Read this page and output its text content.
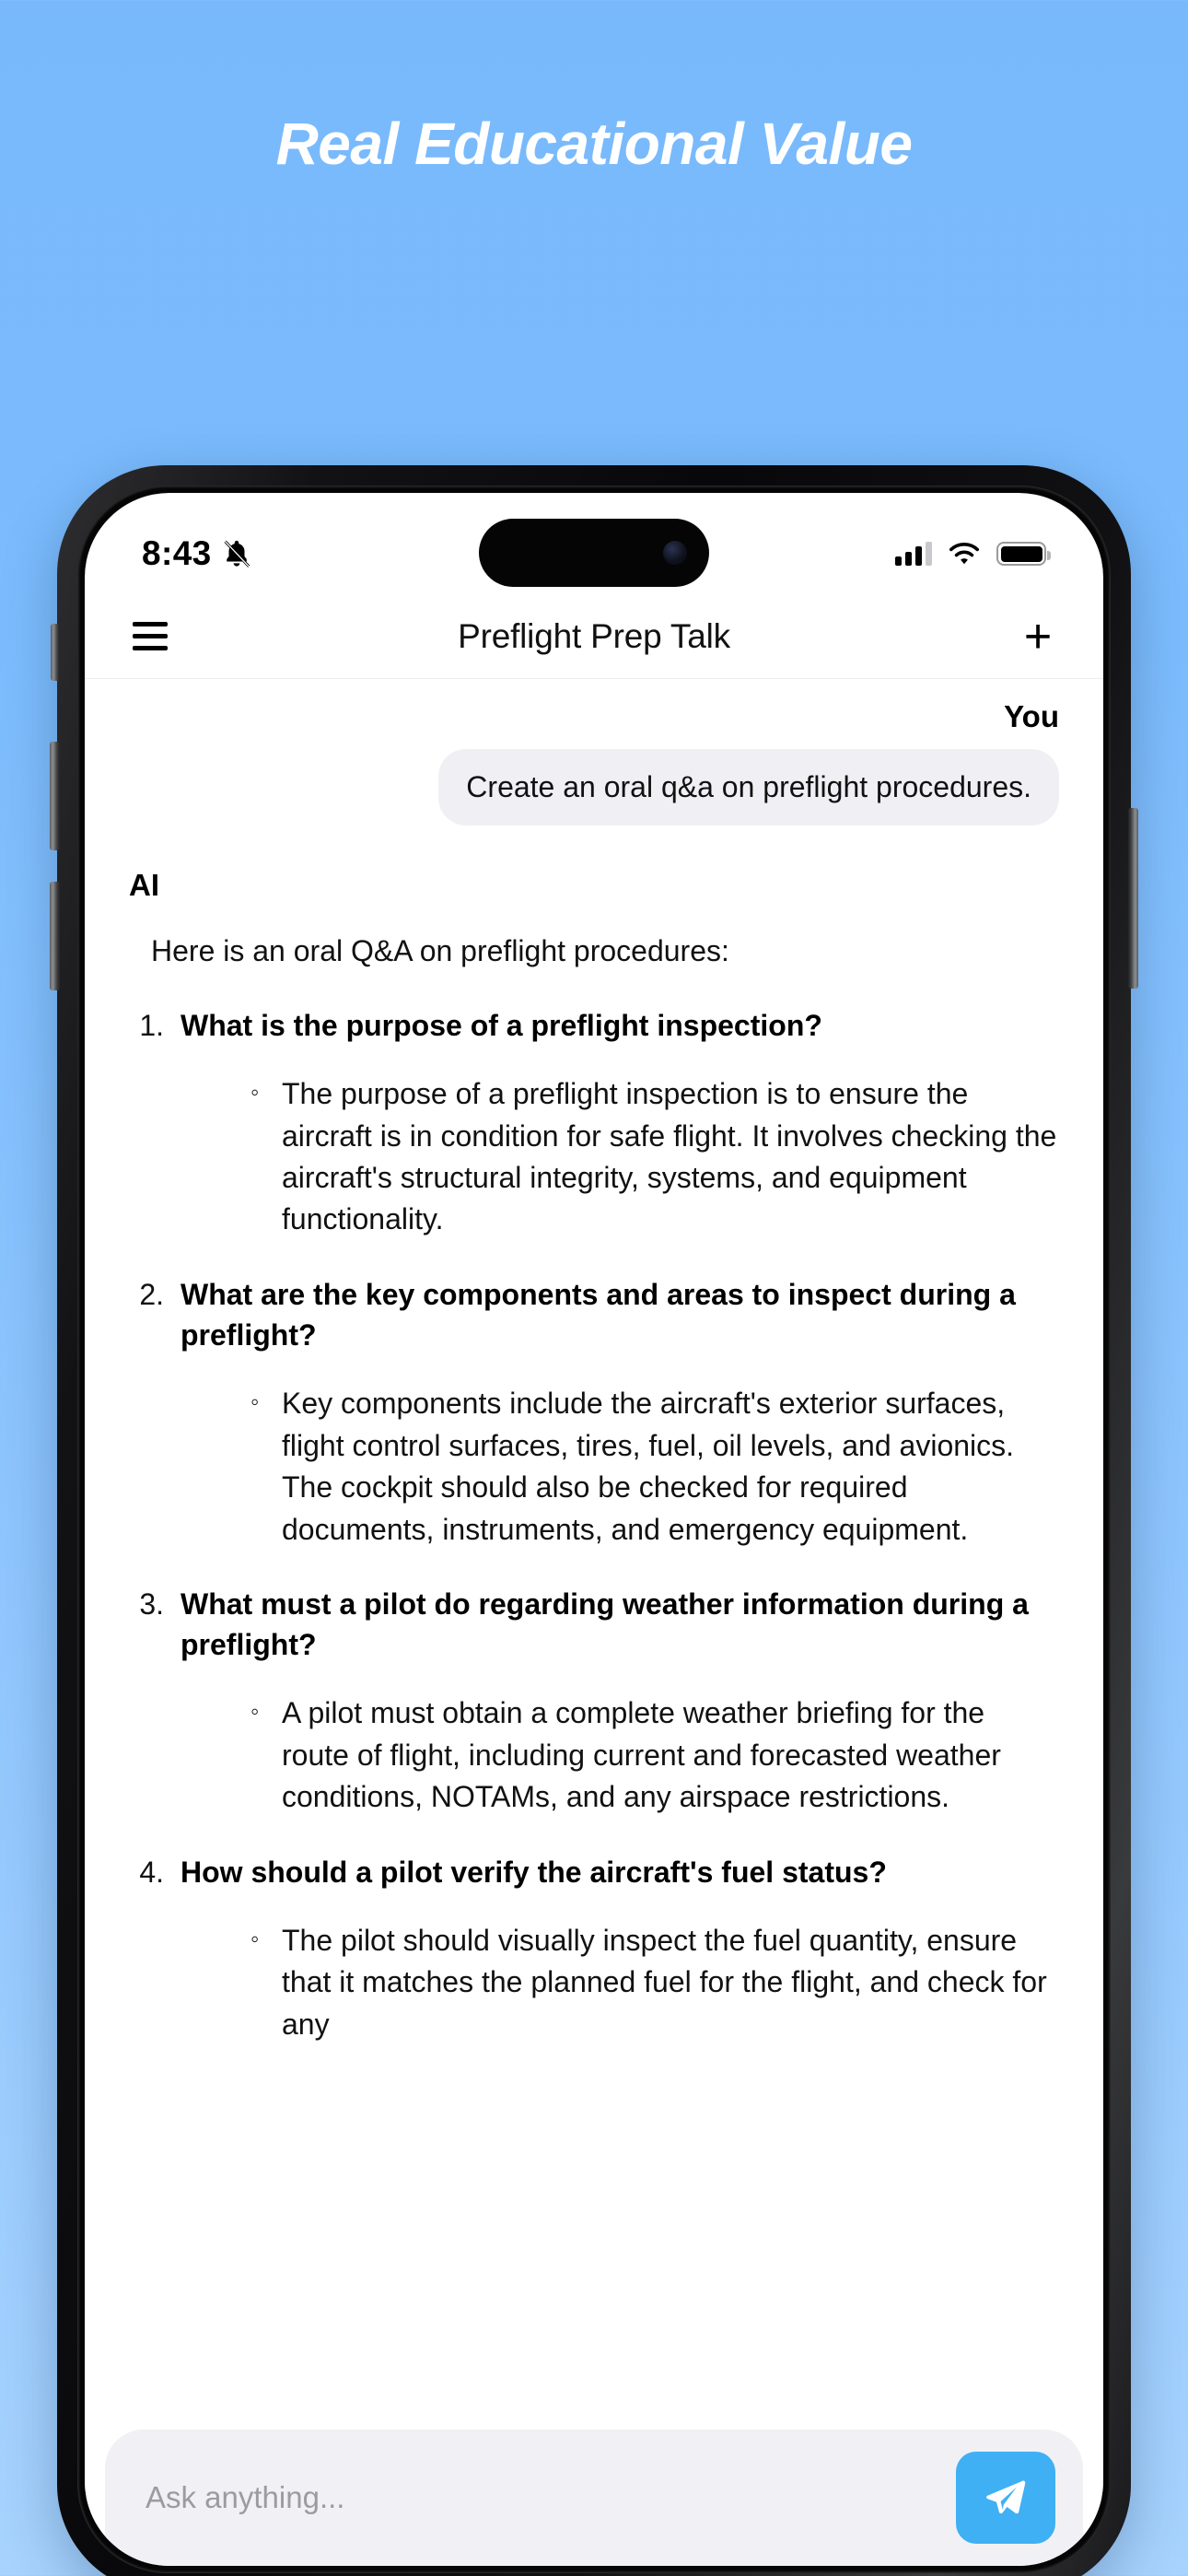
Real Educational Value
8:43
Preflight Prep Talk	+
You
Create an oral q&a on preflight procedures.
AI
Here is an oral Q&A on preflight procedures:
1. What is the purpose of a preflight inspection?
◦ The purpose of a preflight inspection is to ensure the aircraft is in condition for safe flight. It involves checking the aircraft's structural integrity, systems, and equipment functionality.
2. What are the key components and areas to inspect during a preflight?
◦ Key components include the aircraft's exterior surfaces, flight control surfaces, tires, fuel, oil levels, and avionics. The cockpit should also be checked for required documents, instruments, and emergency equipment.
3. What must a pilot do regarding weather information during a preflight?
◦ A pilot must obtain a complete weather briefing for the route of flight, including current and forecasted weather conditions, NOTAMs, and any airspace restrictions.
4. How should a pilot verify the aircraft's fuel status?
◦ The pilot should visually inspect the fuel quantity, ensure that it matches the planned fuel for the flight, and check for any
Ask anything...
